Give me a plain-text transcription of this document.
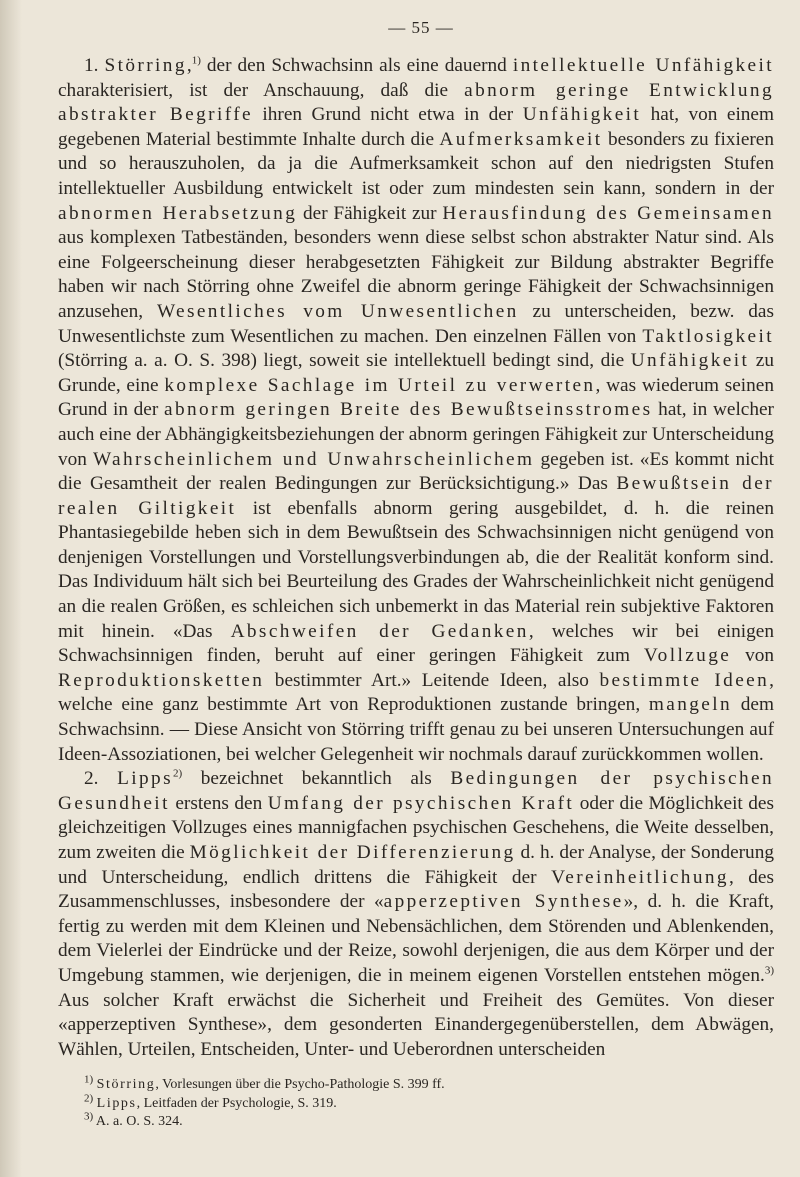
— 55 —

1. Störring,$^{1)}$ der den Schwachsinn als eine dauernd intellektuelle Unfähigkeit charakterisiert, ist der Anschauung, daß die abnorm geringe Entwicklung abstrakter Begriffe ihren Grund nicht etwa in der Unfähigkeit hat, von einem gegebenen Material bestimmte Inhalte durch die Aufmerksamkeit besonders zu fixieren und so herauszuholen, da ja die Aufmerksamkeit schon auf den niedrigsten Stufen intellektueller Ausbildung entwickelt ist oder zum mindesten sein kann, sondern in der abnormen Herabsetzung der Fähigkeit zur Herausfindung des Gemeinsamen aus komplexen Tatbeständen, besonders wenn diese selbst schon abstrakter Natur sind. Als eine Folgeerscheinung dieser herabgesetzten Fähigkeit zur Bildung abstrakter Begriffe haben wir nach Störring ohne Zweifel die abnorm geringe Fähigkeit der Schwachsinnigen anzusehen, Wesentliches vom Unwesentlichen zu unterscheiden, bezw. das Unwesentlichste zum Wesentlichen zu machen. Den einzelnen Fällen von Taktlosigkeit (Störring a. a. O. S. 398) liegt, soweit sie intellektuell bedingt sind, die Unfähigkeit zu Grunde, eine komplexe Sachlage im Urteil zu verwerten, was wiederum seinen Grund in der abnorm geringen Breite des Bewußtseinsstromes hat, in welcher auch eine der Abhängigkeitsbeziehungen der abnorm geringen Fähigkeit zur Unterscheidung von Wahrscheinlichem und Unwahrscheinlichem gegeben ist. «Es kommt nicht die Gesamtheit der realen Bedingungen zur Berücksichtigung.» Das Bewußtsein der realen Giltigkeit ist ebenfalls abnorm gering ausgebildet, d. h. die reinen Phantasiegebilde heben sich in dem Bewußtsein des Schwachsinnigen nicht genügend von denjenigen Vorstellungen und Vorstellungsverbindungen ab, die der Realität konform sind. Das Individuum hält sich bei Beurteilung des Grades der Wahrscheinlichkeit nicht genügend an die realen Größen, es schleichen sich unbemerkt in das Material rein subjektive Faktoren mit hinein. «Das Abschweifen der Gedanken, welches wir bei einigen Schwachsinnigen finden, beruht auf einer geringen Fähigkeit zum Vollzuge von Reproduktionsketten bestimmter Art.» Leitende Ideen, also bestimmte Ideen, welche eine ganz bestimmte Art von Reproduktionen zustande bringen, mangeln dem Schwachsinn. — Diese Ansicht von Störring trifft genau zu bei unseren Untersuchungen auf Ideen-Assoziationen, bei welcher Gelegenheit wir nochmals darauf zurückkommen wollen.

2. Lipps$^{2)}$ bezeichnet bekanntlich als Bedingungen der psychischen Gesundheit erstens den Umfang der psychischen Kraft oder die Möglichkeit des gleichzeitigen Vollzuges eines mannigfachen psychischen Geschehens, die Weite desselben, zum zweiten die Möglichkeit der Differenzierung d. h. der Analyse, der Sonderung und Unterscheidung, endlich drittens die Fähigkeit der Vereinheitlichung, des Zusammenschlusses, insbesondere der «apperzeptiven Synthese», d. h. die Kraft, fertig zu werden mit dem Kleinen und Nebensächlichen, dem Störenden und Ablenkenden, dem Vielerlei der Eindrücke und der Reize, sowohl derjenigen, die aus dem Körper und der Umgebung stammen, wie derjenigen, die in meinem eigenen Vorstellen entstehen mögen.$^{3)}$ Aus solcher Kraft erwächst die Sicherheit und Freiheit des Gemütes. Von dieser «apperzeptiven Synthese», dem gesonderten Einandergegenüberstellen, dem Abwägen, Wählen, Urteilen, Entscheiden, Unter- und Ueberordnen unterscheiden

$^{1)}$ Störring, Vorlesungen über die Psycho-Pathologie S. 399 ff.
$^{2)}$ Lipps, Leitfaden der Psychologie, S. 319.
$^{3)}$ A. a. O. S. 324.
